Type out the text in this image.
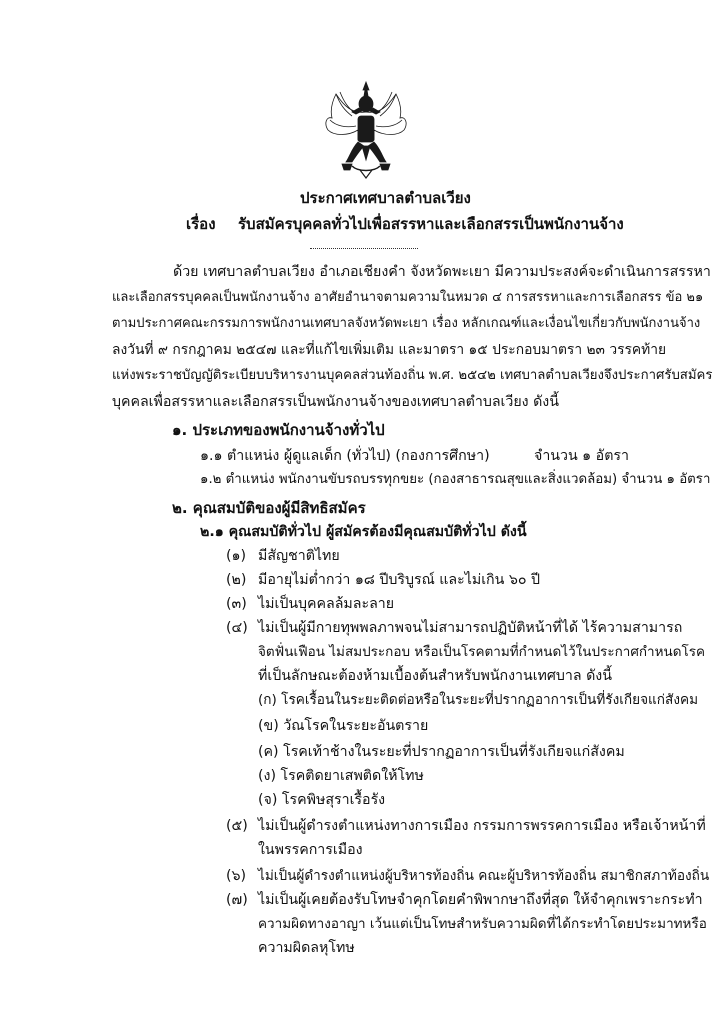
ประกาศเทศบาลตำบลเวียง
เรื่อง รับสมัครบุคคลทั่วไปเพื่อสรรหาและเลือกสรรเป็นพนักงานจ้าง
ด้วย เทศบาลตำบลเวียง อำเภอเชียงคำ จังหวัดพะเยา มีความประสงค์จะดำเนินการสรรหา
และเลือกสรรบุคคลเป็นพนักงานจ้าง อาศัยอำนาจตามความในหมวด ๔ การสรรหาและการเลือกสรร ข้อ ๒๑
ตามประกาศคณะกรรมการพนักงานเทศบาลจังหวัดพะเยา เรื่อง หลักเกณฑ์และเงื่อนไขเกี่ยวกับพนักงานจ้าง
ลงวันที่ ๙ กรกฎาคม ๒๕๔๗ และที่แก้ไขเพิ่มเติม และมาตรา ๑๕ ประกอบมาตรา ๒๓ วรรคท้าย
แห่งพระราชบัญญัติระเบียบบริหารงานบุคคลส่วนท้องถิ่น พ.ศ. ๒๕๔๒ เทศบาลตำบลเวียงจึงประกาศรับสมัคร
บุคคลเพื่อสรรหาและเลือกสรรเป็นพนักงานจ้างของเทศบาลตำบลเวียง ดังนี้
๑. ประเภทของพนักงานจ้างทั่วไป
๑.๑ ตำแหน่ง ผู้ดูแลเด็ก (ทั่วไป) (กองการศึกษา)	จำนวน ๑ อัตรา
๑.๒ ตำแหน่ง พนักงานขับรถบรรทุกขยะ (กองสาธารณสุขและสิ่งแวดล้อม) จำนวน ๑ อัตรา
๒. คุณสมบัติของผู้มีสิทธิสมัคร
๒.๑ คุณสมบัติทั่วไป ผู้สมัครต้องมีคุณสมบัติทั่วไป ดังนี้
(๑) มีสัญชาติไทย
(๒) มีอายุไม่ต่ำกว่า ๑๘ ปีบริบูรณ์ และไม่เกิน ๖๐ ปี
(๓) ไม่เป็นบุคคลล้มละลาย
(๔) ไม่เป็นผู้มีกายทุพพลภาพจนไม่สามารถปฏิบัติหน้าที่ได้ ไร้ความสามารถ
จิตฟั่นเฟือน ไม่สมประกอบ หรือเป็นโรคตามที่กำหนดไว้ในประกาศกำหนดโรค
ที่เป็นลักษณะต้องห้ามเบื้องต้นสำหรับพนักงานเทศบาล ดังนี้
(ก) โรคเรื้อนในระยะติดต่อหรือในระยะที่ปรากฏอาการเป็นที่รังเกียจแก่สังคม
(ข) วัณโรคในระยะอันตราย
(ค) โรคเท้าช้างในระยะที่ปรากฏอาการเป็นที่รังเกียจแก่สังคม
(ง) โรคติดยาเสพติดให้โทษ
(จ) โรคพิษสุราเรื้อรัง
(๕) ไม่เป็นผู้ดำรงตำแหน่งทางการเมือง กรรมการพรรคการเมือง หรือเจ้าหน้าที่
ในพรรคการเมือง
(๖) ไม่เป็นผู้ดำรงตำแหน่งผู้บริหารท้องถิ่น คณะผู้บริหารท้องถิ่น สมาชิกสภาท้องถิ่น
(๗) ไม่เป็นผู้เคยต้องรับโทษจำคุกโดยคำพิพากษาถึงที่สุด ให้จำคุกเพราะกระทำ
ความผิดทางอาญา เว้นแต่เป็นโทษสำหรับความผิดที่ได้กระทำโดยประมาทหรือ
ความผิดลหุโทษ
